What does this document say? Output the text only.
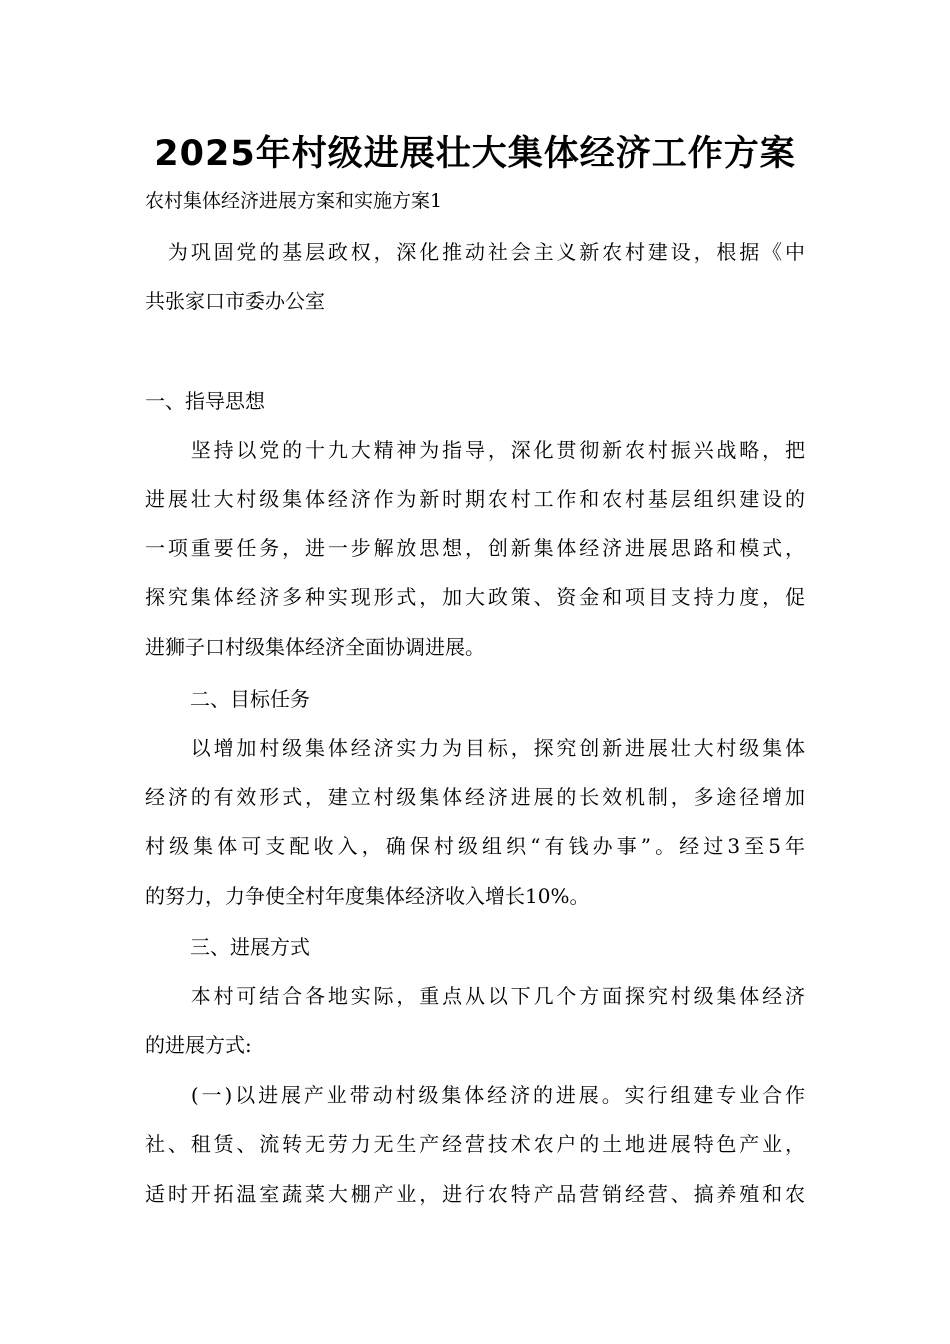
2025年村级进展壮大集体经济工作方案
农村集体经济进展方案和实施方案1
　为巩固党的基层政权，深化推动社会主义新农村建设，根据《中
共张家口市委办公室
一、指导思想
　　坚持以党的十九大精神为指导，深化贯彻新农村振兴战略，把
进展壮大村级集体经济作为新时期农村工作和农村基层组织建设的
一项重要任务，进一步解放思想，创新集体经济进展思路和模式，
探究集体经济多种实现形式，加大政策、资金和项目支持力度，促
进狮子口村级集体经济全面协调进展。
二、目标任务
　　以增加村级集体经济实力为目标，探究创新进展壮大村级集体
经济的有效形式，建立村级集体经济进展的长效机制，多途径增加
村级集体可支配收入，确保村级组织“有钱办事”。经过3至5年
的努力，力争使全村年度集体经济收入增长10%。
三、进展方式
　　本村可结合各地实际，重点从以下几个方面探究村级集体经济
的进展方式:
　　(一)以进展产业带动村级集体经济的进展。实行组建专业合作
社、租赁、流转无劳力无生产经营技术农户的土地进展特色产业，
适时开拓温室蔬菜大棚产业，进行农特产品营销经营、搞养殖和农
